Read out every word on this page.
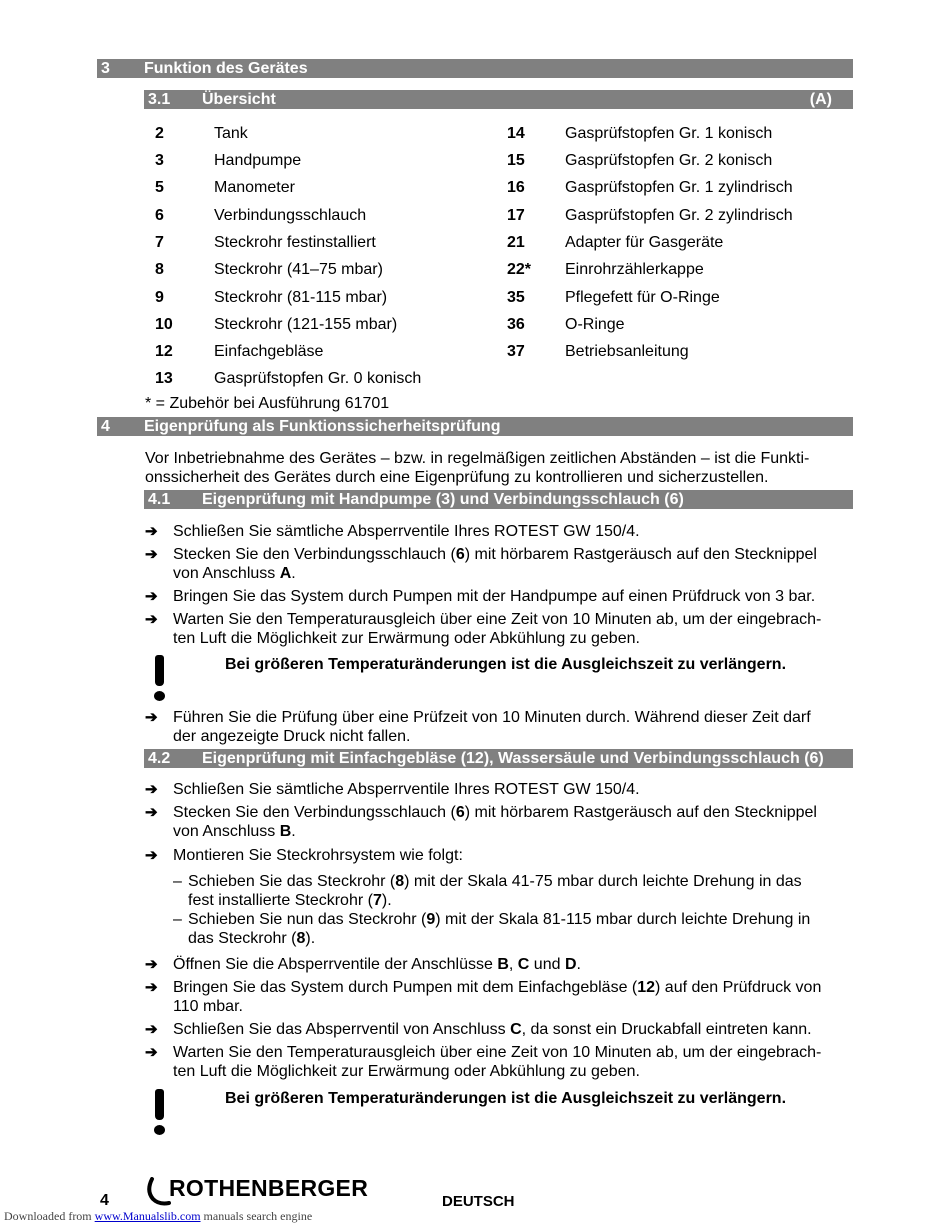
3 Funktion des Gerätes
3.1 Übersicht	(A)
2	Tank
3	Handpumpe
5	Manometer
6	Verbindungsschlauch
7	Steckrohr festinstalliert
8	Steckrohr (41–75 mbar)
9	Steckrohr (81-115 mbar)
10	Steckrohr (121-155 mbar)
12	Einfachgebläse
13	Gasprüfstopfen Gr. 0 konisch
14	Gasprüfstopfen Gr. 1 konisch
15	Gasprüfstopfen Gr. 2 konisch
16	Gasprüfstopfen Gr. 1 zylindrisch
17	Gasprüfstopfen Gr. 2 zylindrisch
21	Adapter für Gasgeräte
22* Einrohrzählerkappe
35	Pflegefett für O-Ringe
36	O-Ringe
37	Betriebsanleitung
* = Zubehör bei Ausführung 61701
4 Eigenprüfung als Funktionssicherheitsprüfung
Vor Inbetriebnahme des Gerätes – bzw. in regelmäßigen zeitlichen Abständen – ist die Funkti-
onssicherheit des Gerätes durch eine Eigenprüfung zu kontrollieren und sicherzustellen.
4.1 Eigenprüfung mit Handpumpe (3) und Verbindungsschlauch (6)
➔ Schließen Sie sämtliche Absperrventile Ihres ROTEST GW 150/4.
➔ Stecken Sie den Verbindungsschlauch (6) mit hörbarem Rastgeräusch auf den Stecknippel
von Anschluss A.
➔ Bringen Sie das System durch Pumpen mit der Handpumpe auf einen Prüfdruck von 3 bar.
➔ Warten Sie den Temperaturausgleich über eine Zeit von 10 Minuten ab, um der eingebrach-
ten Luft die Möglichkeit zur Erwärmung oder Abkühlung zu geben.
Bei größeren Temperaturänderungen ist die Ausgleichszeit zu verlängern.
➔ Führen Sie die Prüfung über eine Prüfzeit von 10 Minuten durch. Während dieser Zeit darf
der angezeigte Druck nicht fallen.
4.2 Eigenprüfung mit Einfachgebläse (12), Wassersäule und Verbindungsschlauch (6)
➔ Schließen Sie sämtliche Absperrventile Ihres ROTEST GW 150/4.
➔ Stecken Sie den Verbindungsschlauch (6) mit hörbarem Rastgeräusch auf den Stecknippel
von Anschluss B.
➔ Montieren Sie Steckrohrsystem wie folgt:
– Schieben Sie das Steckrohr (8) mit der Skala 41-75 mbar durch leichte Drehung in das
fest installierte Steckrohr (7).
– Schieben Sie nun das Steckrohr (9) mit der Skala 81-115 mbar durch leichte Drehung in
das Steckrohr (8).
➔ Öffnen Sie die Absperrventile der Anschlüsse B, C und D.
➔ Bringen Sie das System durch Pumpen mit dem Einfachgebläse (12) auf den Prüfdruck von
110 mbar.
➔ Schließen Sie das Absperrventil von Anschluss C, da sonst ein Druckabfall eintreten kann.
➔ Warten Sie den Temperaturausgleich über eine Zeit von 10 Minuten ab, um der eingebrach-
ten Luft die Möglichkeit zur Erwärmung oder Abkühlung zu geben.
Bei größeren Temperaturänderungen ist die Ausgleichszeit zu verlängern.
4	ROTHENBERGER
DEUTSCH
Downloaded from www.Manualslib.com manuals search engine
